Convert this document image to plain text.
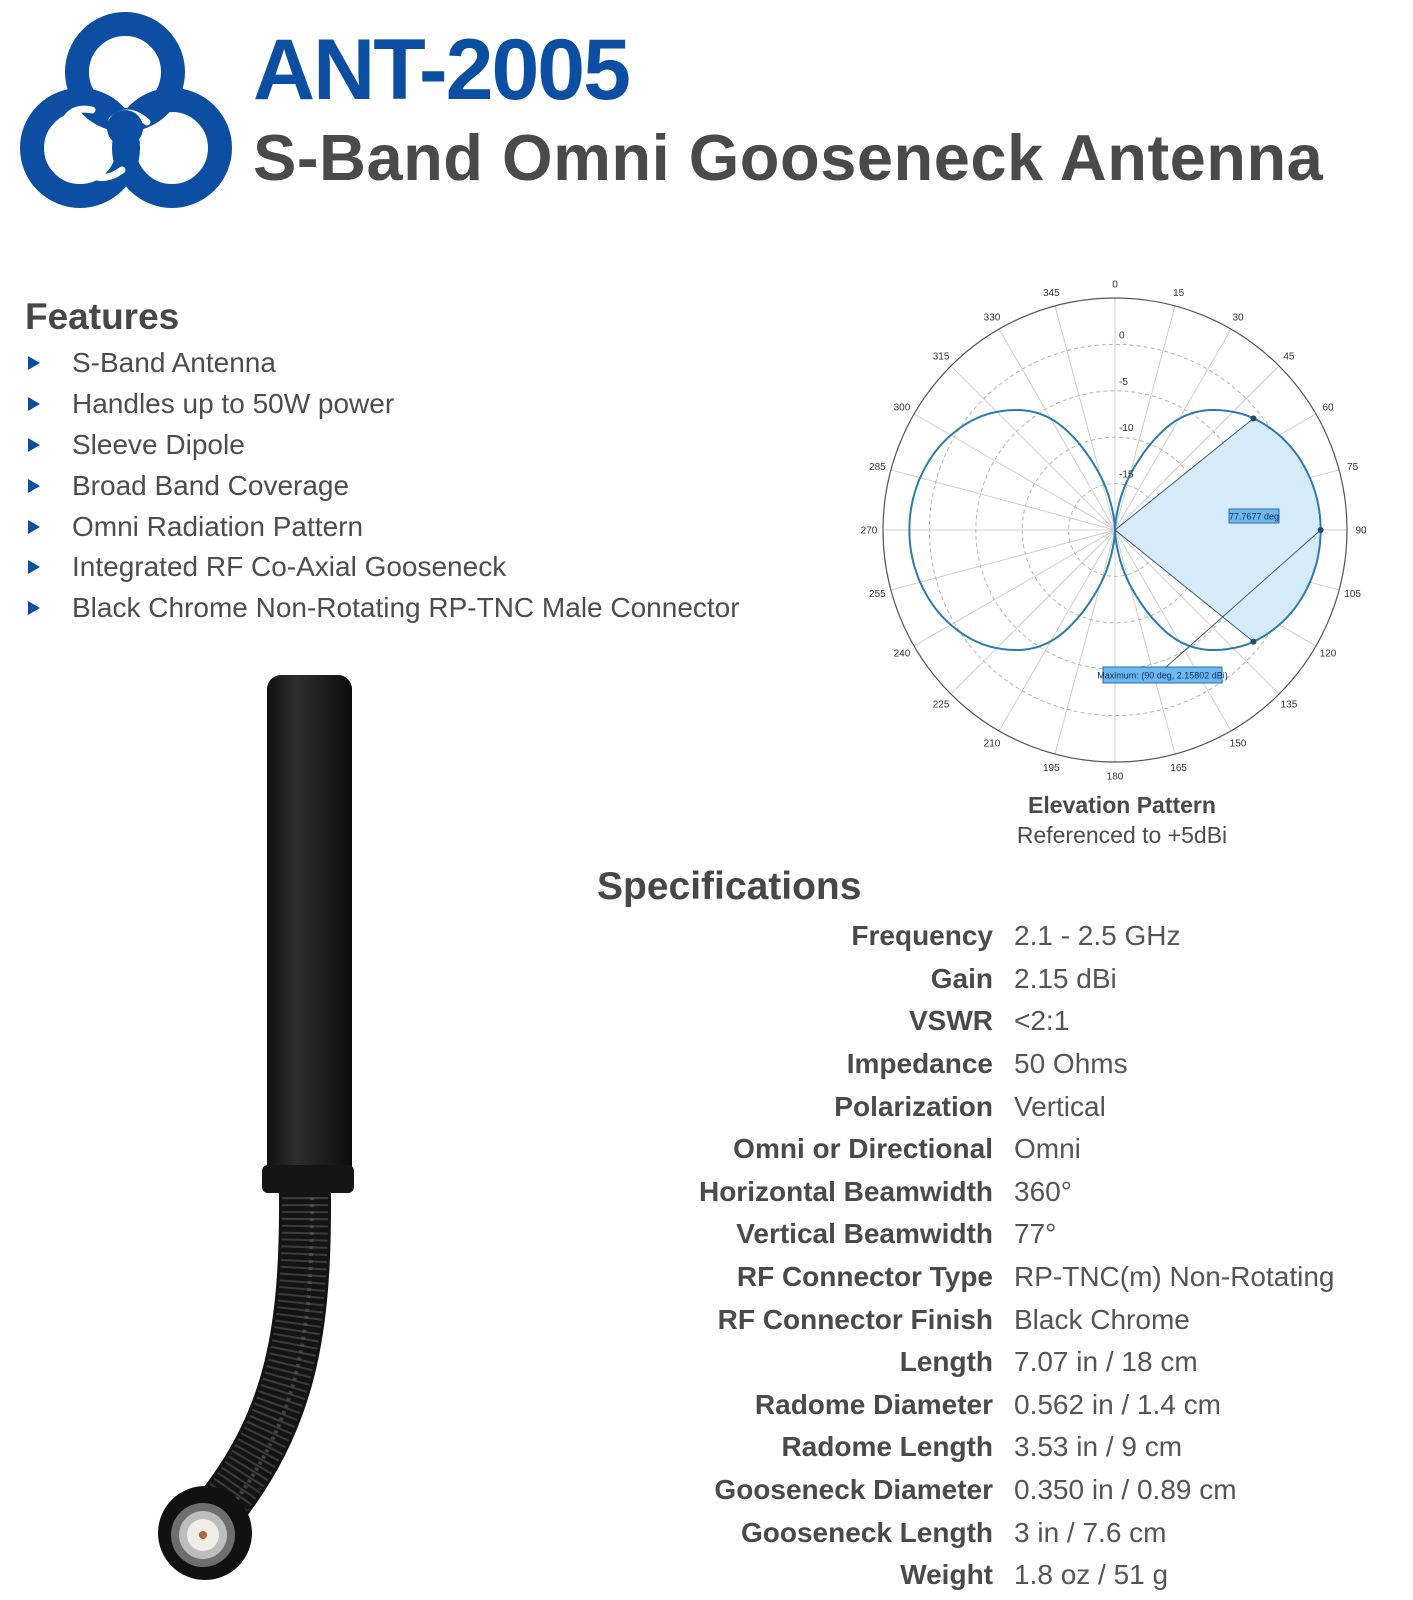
ANT-2005
S-Band Omni Gooseneck Antenna
Features
S-Band Antenna
Handles up to 50W power
Sleeve Dipole
Broad Band Coverage
Omni Radiation Pattern
Integrated RF Co-Axial Gooseneck
Black Chrome Non-Rotating RP-TNC Male Connector
77.7677 deg
Maximum: (90 deg, 2.15802 dBi)
0
15
30
45
60
75
90
105
120
135
150
165
180
195
210
225
240
255
270
285
300
315
330
345
0
-5
-10
-15
Elevation Pattern
Referenced to +5dBi
Specifications
Frequency 2.1 - 2.5 GHz
Gain 2.15 dBi
VSWR <2:1
Impedance 50 Ohms
Polarization Vertical
Omni or Directional Omni
Horizontal Beamwidth 360°
Vertical Beamwidth 77°
RF Connector Type RP-TNC(m) Non-Rotating
RF Connector Finish Black Chrome
Length 7.07 in / 18 cm
Radome Diameter 0.562 in / 1.4 cm
Radome Length 3.53 in / 9 cm
Gooseneck Diameter 0.350 in / 0.89 cm
Gooseneck Length 3 in / 7.6 cm
Weight 1.8 oz / 51 g
